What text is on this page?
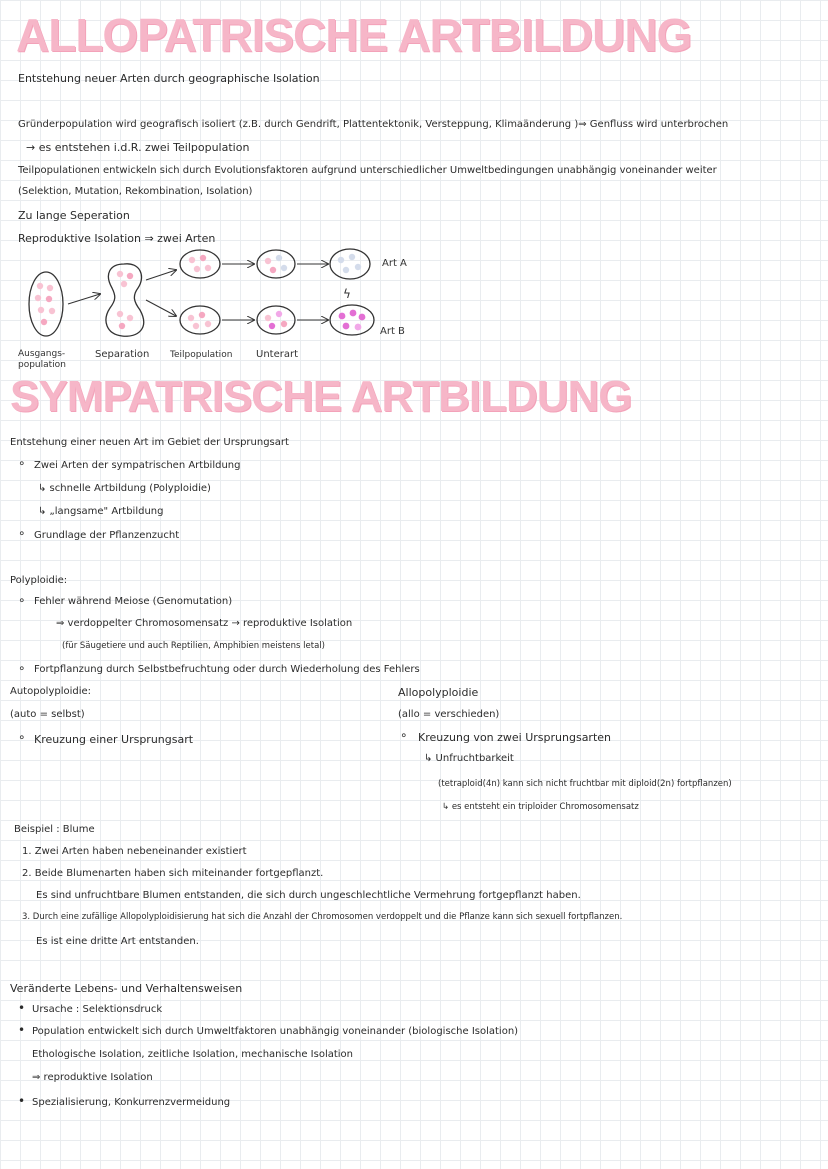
ALLOPATRISCHE ARTBILDUNG
Entstehung neuer Arten durch geographische Isolation
Gründerpopulation wird geografisch isoliert (z.B. durch Gendrift, Plattentektonik, Versteppung, Klimaänderung )⇒ Genfluss wird unterbrochen
→ es entstehen i.d.R. zwei Teilpopulation
Teilpopulationen entwickeln sich durch Evolutionsfaktoren aufgrund unterschiedlicher Umweltbedingungen unabhängig voneinander weiter
(Selektion, Mutation, Rekombination, Isolation)
Zu lange Seperation
Reproduktive Isolation ⇒ zwei Arten
Art A
ϟ
Art B
Ausgangs-
population
Separation Teilpopulation Unterart
SYMPATRISCHE ARTBILDUNG
Entstehung einer neuen Art im Gebiet der Ursprungsart
∘ Zwei Arten der sympatrischen Artbildung
↳ schnelle Artbildung (Polyploidie)
↳ „langsame" Artbildung
∘ Grundlage der Pflanzenzucht
Polyploidie:
∘ Fehler während Meiose (Genomutation)
⇒ verdoppelter Chromosomensatz → reproduktive Isolation
(für Säugetiere und auch Reptilien, Amphibien meistens letal)
∘ Fortpflanzung durch Selbstbefruchtung oder durch Wiederholung des Fehlers
Autopolyploidie:
(auto = selbst)
∘ Kreuzung einer Ursprungsart
Allopolyploidie
(allo = verschieden)
∘ Kreuzung von zwei Ursprungsarten
↳ Unfruchtbarkeit
(tetraploid(4n) kann sich nicht fruchtbar mit diploid(2n) fortpflanzen)
↳ es entsteht ein triploider Chromosomensatz
Beispiel : Blume
1. Zwei Arten haben nebeneinander existiert
2. Beide Blumenarten haben sich miteinander fortgepflanzt.
Es sind unfruchtbare Blumen entstanden, die sich durch ungeschlechtliche Vermehrung fortgepflanzt haben.
3. Durch eine zufällige Allopolyploidisierung hat sich die Anzahl der Chromosomen verdoppelt und die Pflanze kann sich sexuell fortpflanzen.
Es ist eine dritte Art entstanden.
Veränderte Lebens- und Verhaltensweisen
• Ursache : Selektionsdruck
• Population entwickelt sich durch Umweltfaktoren unabhängig voneinander (biologische Isolation)
Ethologische Isolation, zeitliche Isolation, mechanische Isolation
⇒ reproduktive Isolation
• Spezialisierung, Konkurrenzvermeidung
